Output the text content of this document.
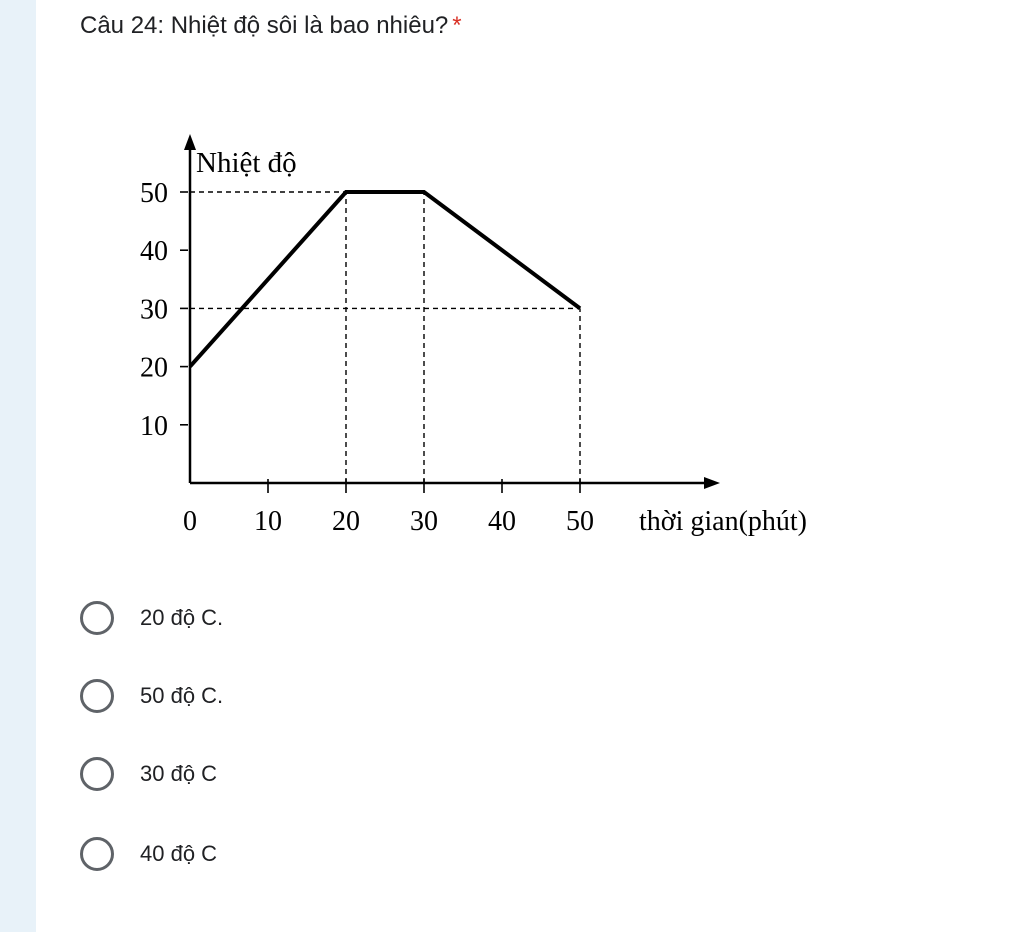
Câu 24: Nhiệt độ sôi là bao nhiêu? *
0 10 20 30 40 50
10
20
30
40
50
Nhiệt độ
thời gian(phút)
20 độ C.
50 độ C.
30 độ C
40 độ C
